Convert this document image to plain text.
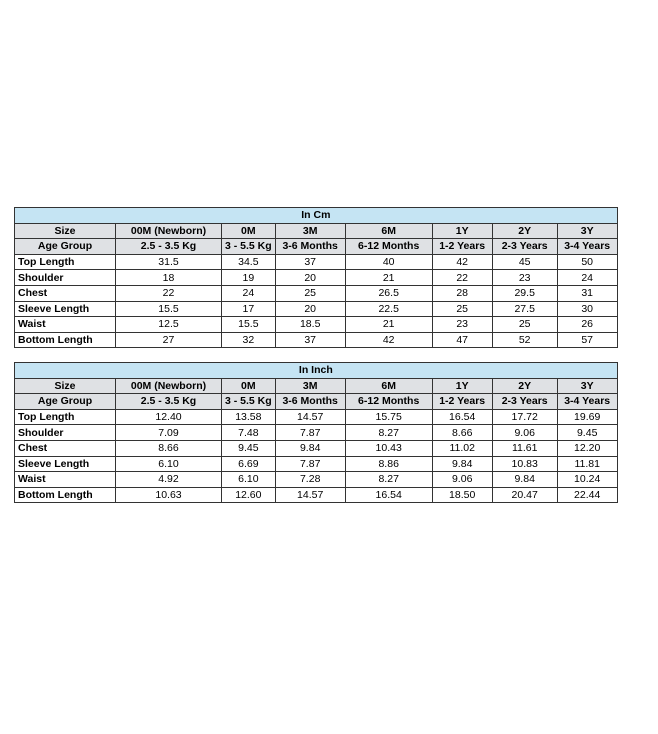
In Cm							
Size	00M (Newborn)	0M	3M	6M	1Y	2Y	3Y
Age Group	2.5 - 3.5 Kg	3 - 5.5 Kg	3-6 Months	6-12 Months	1-2 Years	2-3 Years	3-4 Years
Top Length	31.5	34.5	37	40	42	45	50
Shoulder	18	19	20	21	22	23	24
Chest	22	24	25	26.5	28	29.5	31
Sleeve Length	15.5	17	20	22.5	25	27.5	30
Waist	12.5	15.5	18.5	21	23	25	26
Bottom Length	27	32	37	42	47	52	57
In Inch							
Size	00M (Newborn)	0M	3M	6M	1Y	2Y	3Y
Age Group	2.5 - 3.5 Kg	3 - 5.5 Kg	3-6 Months	6-12 Months	1-2 Years	2-3 Years	3-4 Years
Top Length	12.40	13.58	14.57	15.75	16.54	17.72	19.69
Shoulder	7.09	7.48	7.87	8.27	8.66	9.06	9.45
Chest	8.66	9.45	9.84	10.43	11.02	11.61	12.20
Sleeve Length	6.10	6.69	7.87	8.86	9.84	10.83	11.81
Waist	4.92	6.10	7.28	8.27	9.06	9.84	10.24
Bottom Length	10.63	12.60	14.57	16.54	18.50	20.47	22.44
